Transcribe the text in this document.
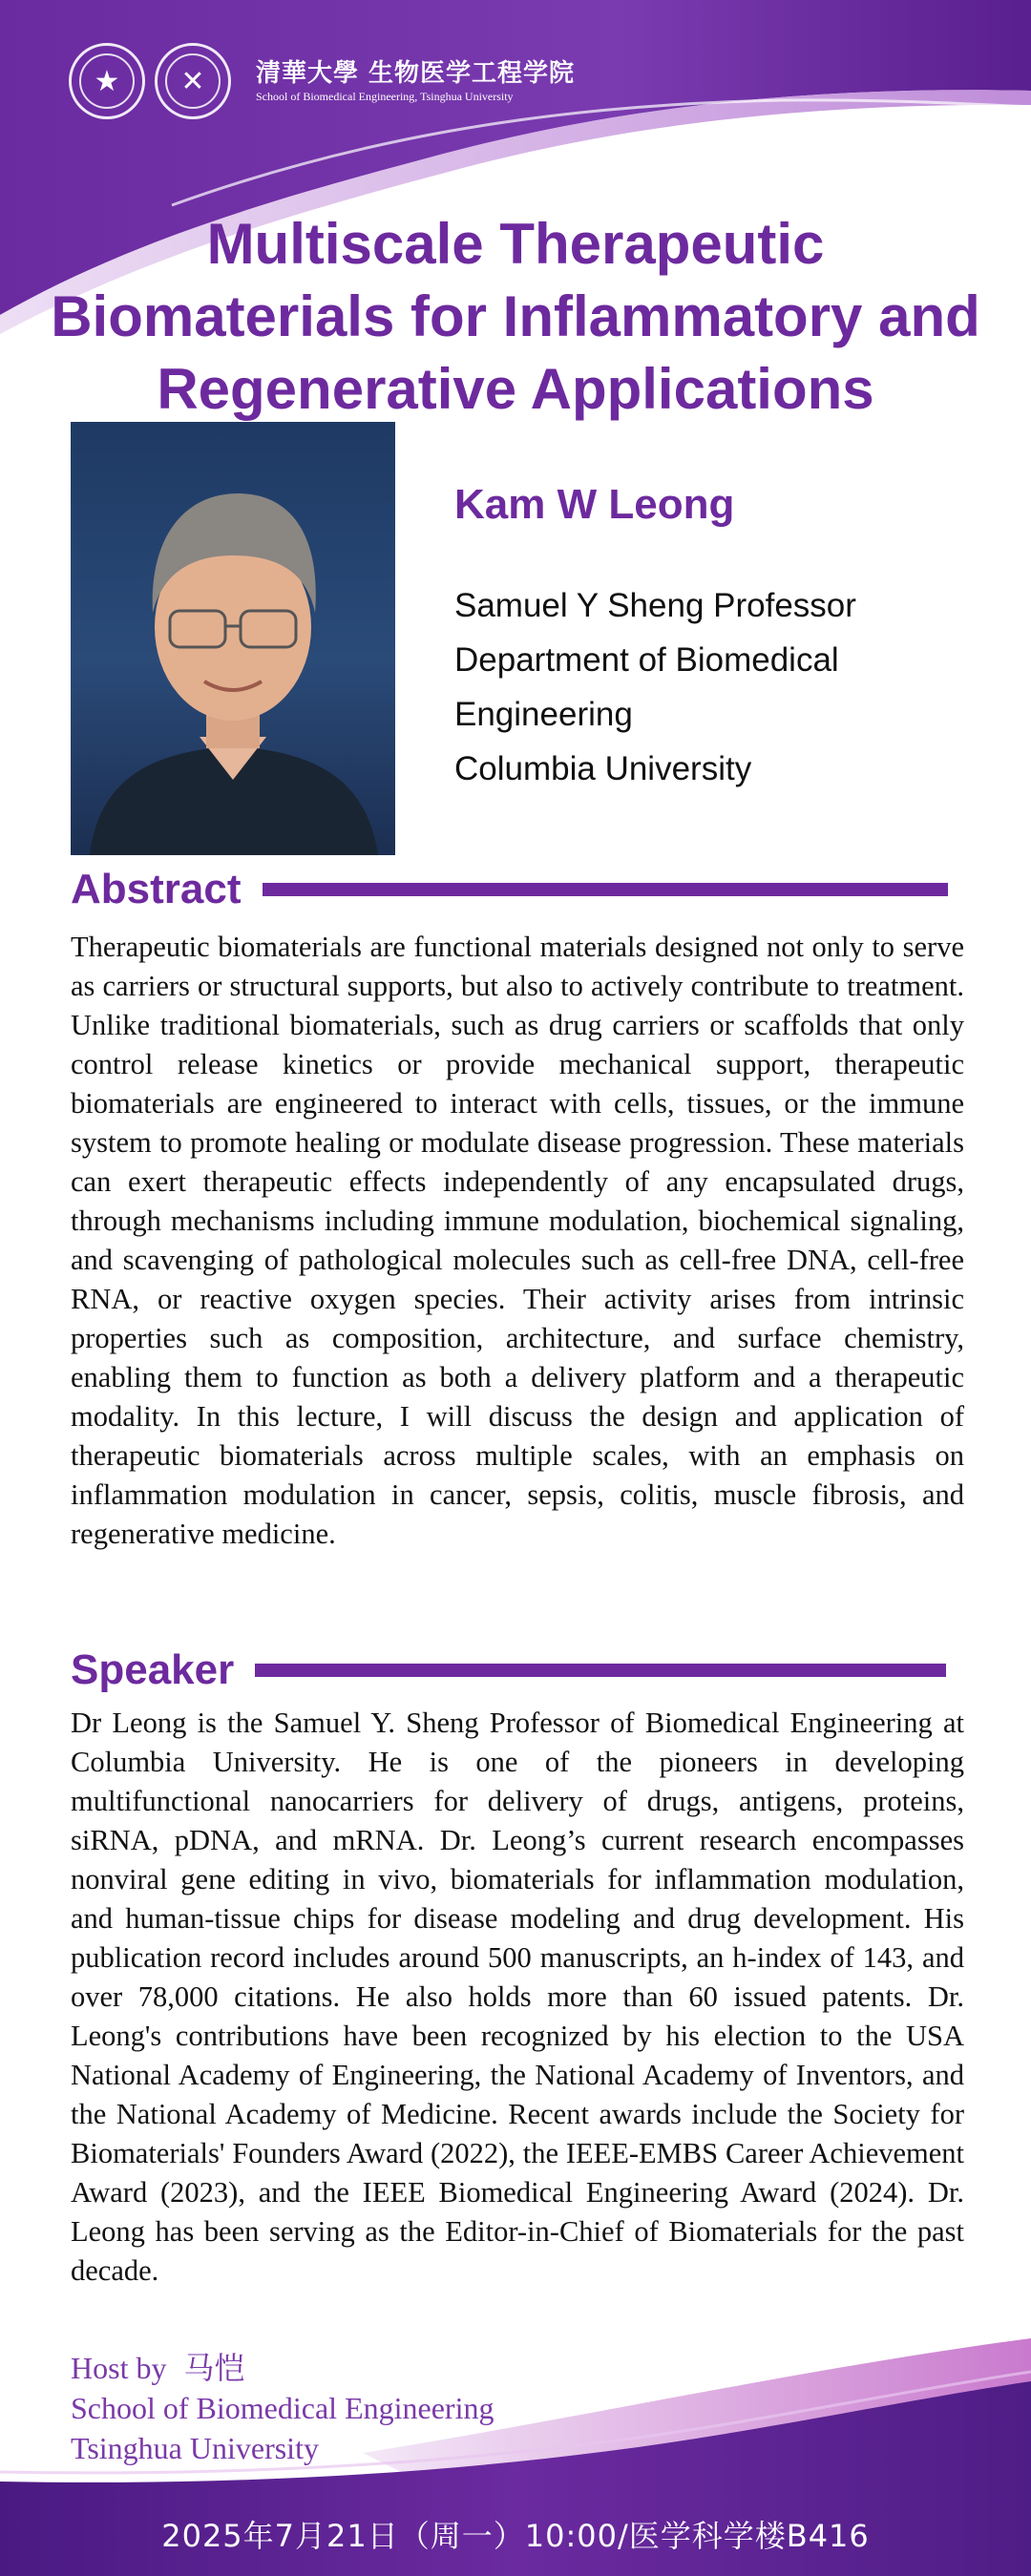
★ ✕ 清華大學 生物医学工程学院
School of Biomedical Engineering, Tsinghua University
Multiscale Therapeutic
Biomaterials for Inflammatory and
Regenerative Applications
Kam W Leong
Samuel Y Sheng Professor
Department of Biomedical
Engineering
Columbia University
Abstract

Therapeutic biomaterials are functional materials designed not only to serve as carriers or structural supports, but also to actively contribute to treatment. Unlike traditional biomaterials, such as drug carriers or scaffolds that only control release kinetics or provide mechanical support, therapeutic biomaterials are engineered to interact with cells, tissues, or the immune system to promote healing or modulate disease progression. These materials can exert therapeutic effects independently of any encapsulated drugs, through mechanisms including immune modulation, biochemical signaling, and scavenging of pathological molecules such as cell-free DNA, cell-free RNA, or reactive oxygen species. Their activity arises from intrinsic properties such as composition, architecture, and surface chemistry, enabling them to function as both a delivery platform and a therapeutic modality. In this lecture, I will discuss the design and application of therapeutic biomaterials across multiple scales, with an emphasis on inflammation modulation in cancer, sepsis, colitis, muscle fibrosis, and regenerative medicine.

Speaker

Dr Leong is the Samuel Y. Sheng Professor of Biomedical Engineering at Columbia University. He is one of the pioneers in developing multifunctional nanocarriers for delivery of drugs, antigens, proteins, siRNA, pDNA, and mRNA. Dr. Leong’s current research encompasses nonviral gene editing in vivo, biomaterials for inflammation modulation, and human-tissue chips for disease modeling and drug development. His publication record includes around 500 manuscripts, an h-index of 143, and over 78,000 citations. He also holds more than 60 issued patents. Dr. Leong's contributions have been recognized by his election to the USA National Academy of Engineering, the National Academy of Inventors, and the National Academy of Medicine. Recent awards include the Society for Biomaterials' Founders Award (2022), the IEEE-EMBS Career Achievement Award (2023), and the IEEE Biomedical Engineering Award (2024). Dr. Leong has been serving as the Editor-in-Chief of Biomaterials for the past decade.

Host by 马恺
School of Biomedical Engineering
Tsinghua University
2025年7月21日（周一）10:00/医学科学楼B416
